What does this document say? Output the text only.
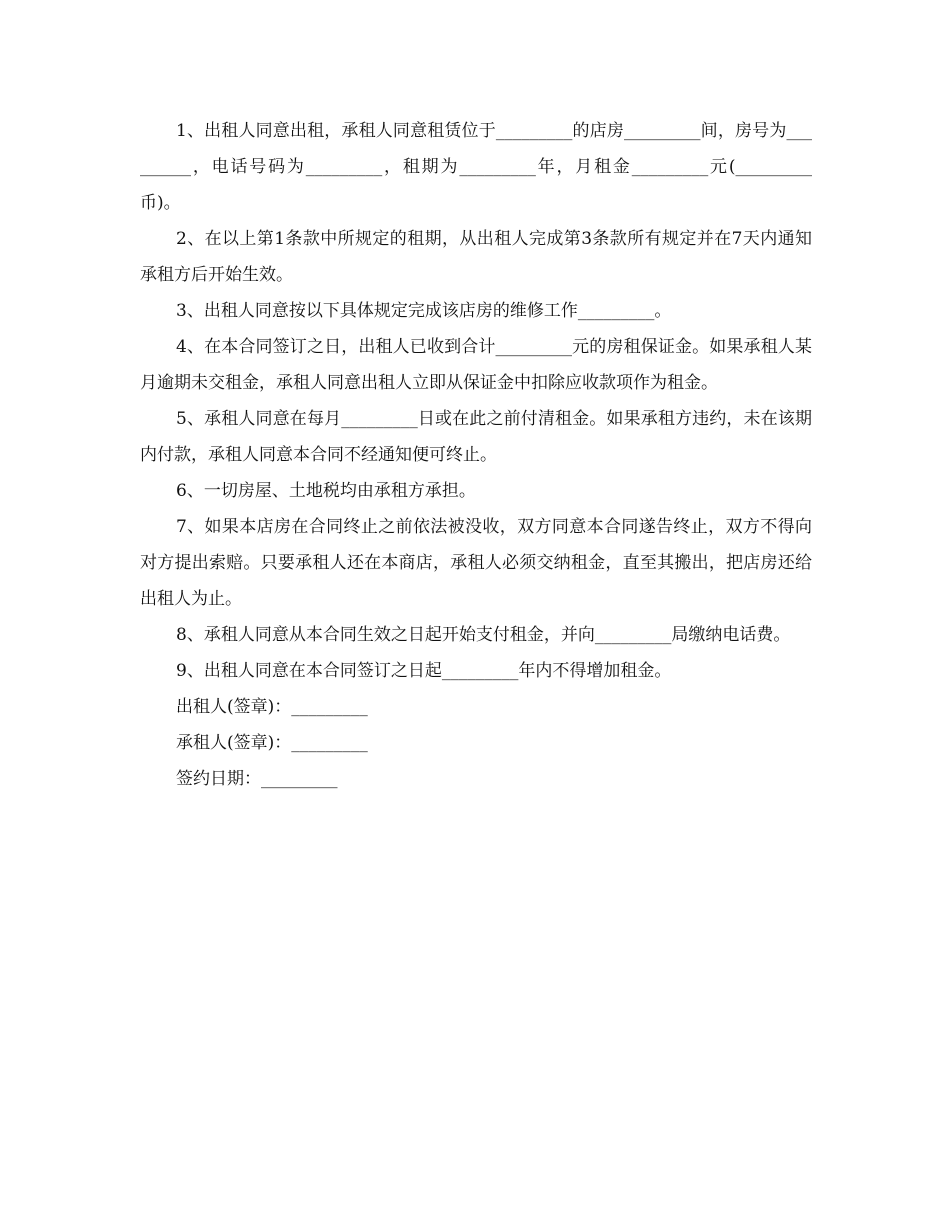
1、出租人同意出租，承租人同意租赁位于_________的店房_________间，房号为_________，电话号码为_________，租期为_________年，月租金_________元(_________币)。

2、在以上第1条款中所规定的租期，从出租人完成第3条款所有规定并在7天内通知承租方后开始生效。

3、出租人同意按以下具体规定完成该店房的维修工作_________。

4、在本合同签订之日，出租人已收到合计_________元的房租保证金。如果承租人某月逾期未交租金，承租人同意出租人立即从保证金中扣除应收款项作为租金。

5、承租人同意在每月_________日或在此之前付清租金。如果承租方违约，未在该期内付款，承租人同意本合同不经通知便可终止。

6、一切房屋、土地税均由承租方承担。

7、如果本店房在合同终止之前依法被没收，双方同意本合同遂告终止，双方不得向对方提出索赔。只要承租人还在本商店，承租人必须交纳租金，直至其搬出，把店房还给出租人为止。

8、承租人同意从本合同生效之日起开始支付租金，并向_________局缴纳电话费。

9、出租人同意在本合同签订之日起_________年内不得增加租金。

出租人(签章)：_________

承租人(签章)：_________

签约日期：_________
